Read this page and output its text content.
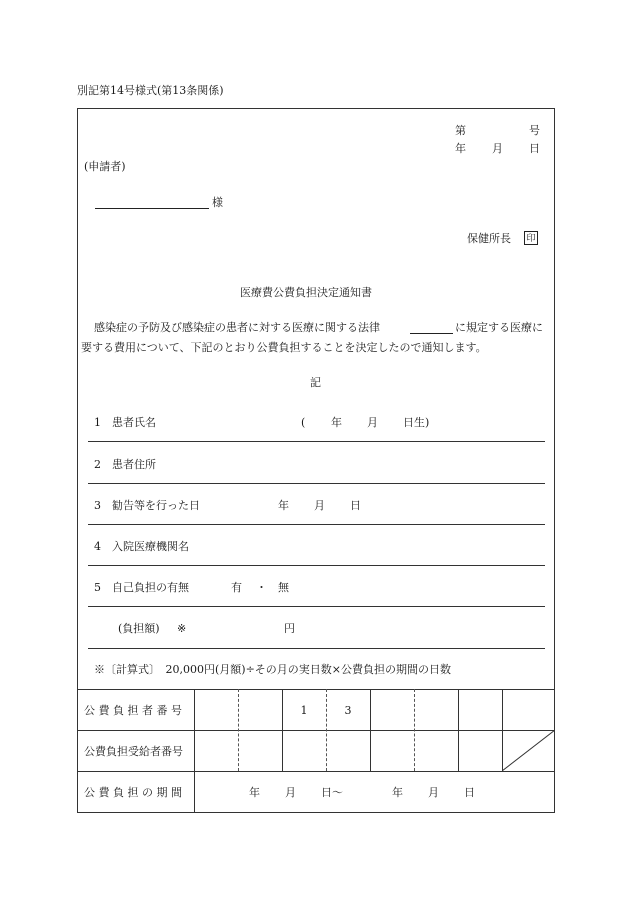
別記第14号様式(第13条関係)
第	号
年 月 日
(申請者)
様
保健所長 印
医療費公費負担決定通知書
感染症の予防及び感染症の患者に対する医療に関する法律	に規定する医療に
要する費用について、下記のとおり公費負担することを決定したので通知します。
記
1 患者氏名	( 年 月 日生)
2 患者住所
3 勧告等を行った日	年 月 日
4 入院医療機関名
5 自己負担の有無	有 ・ 無
(負担額) ※	円
※〔計算式〕　20,000円(月額)÷その月の実日数×公費負担の期間の日数
公 費 負 担 者 番 号	1	3
公費負担受給者番号
公 費 負 担 の 期 間	年 月 日〜	年 月 日
